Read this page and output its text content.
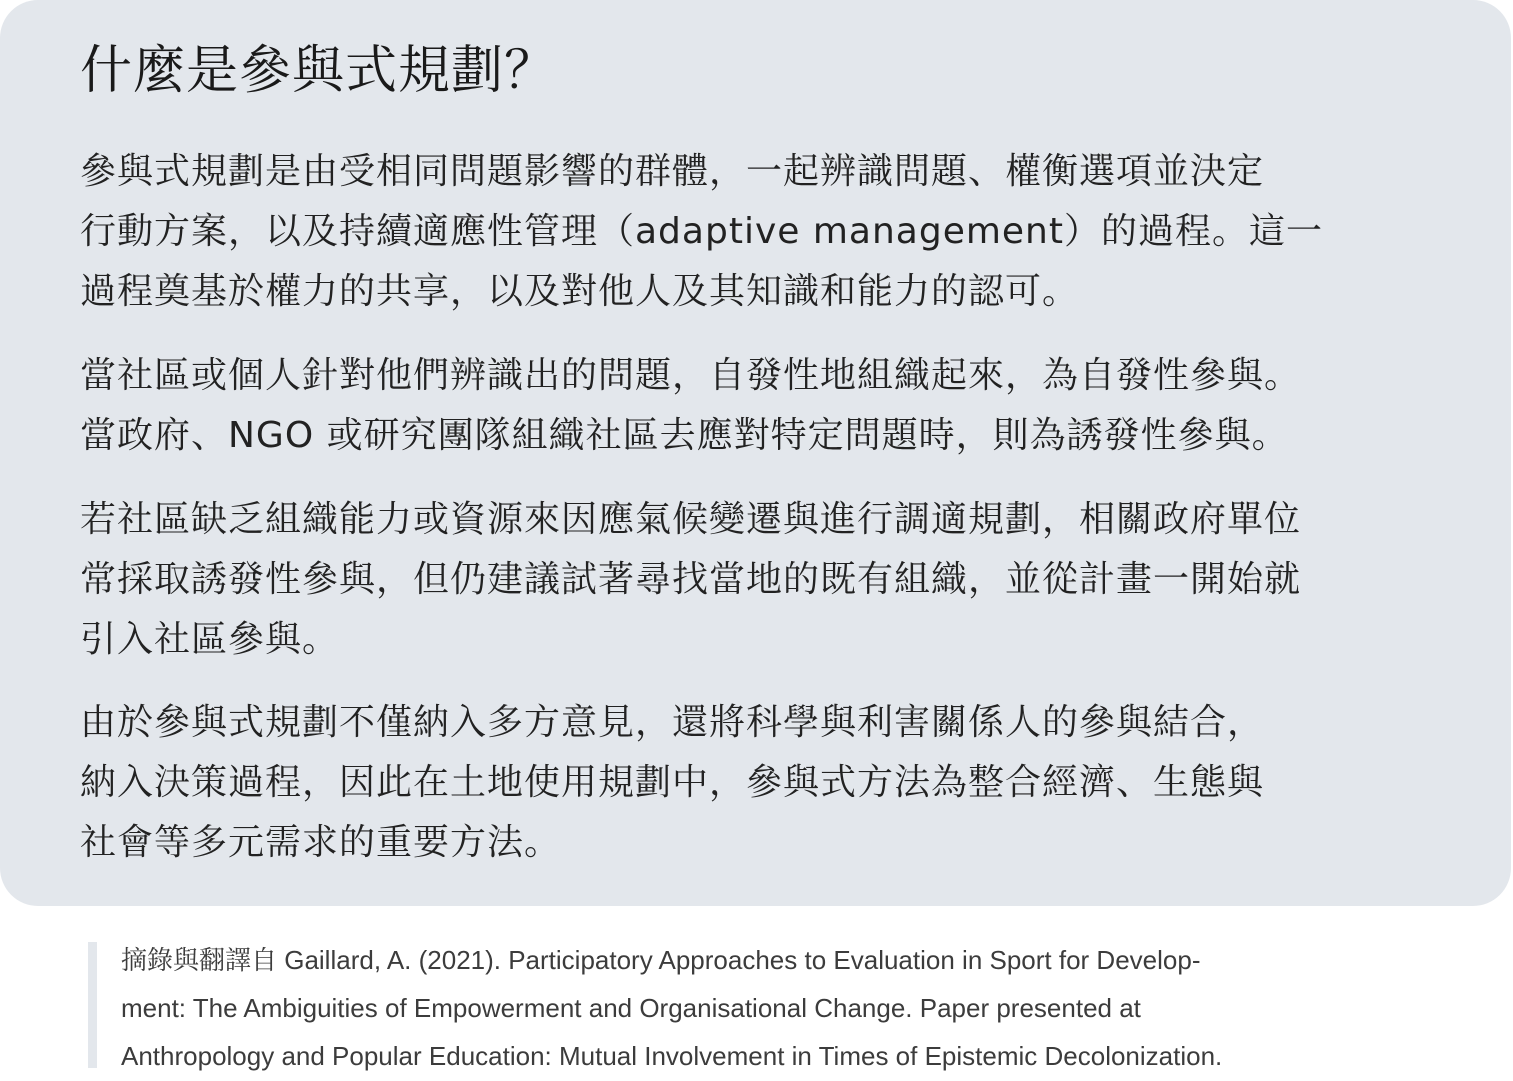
什麼是參與式規劃？

參與式規劃是由受相同問題影響的群體，一起辨識問題、權衡選項並決定
行動方案，以及持續適應性管理（adaptive management）的過程。這一
過程奠基於權力的共享，以及對他人及其知識和能力的認可。

當社區或個人針對他們辨識出的問題，自發性地組織起來，為自發性參與。
當政府、NGO 或研究團隊組織社區去應對特定問題時，則為誘發性參與。

若社區缺乏組織能力或資源來因應氣候變遷與進行調適規劃，相關政府單位
常採取誘發性參與，但仍建議試著尋找當地的既有組織，並從計畫一開始就
引入社區參與。

由於參與式規劃不僅納入多方意見，還將科學與利害關係人的參與結合，
納入決策過程，因此在土地使用規劃中，參與式方法為整合經濟、生態與
社會等多元需求的重要方法。

摘錄與翻譯自 Gaillard, A. (2021). Participatory Approaches to Evaluation in Sport for Develop-
ment: The Ambiguities of Empowerment and Organisational Change. Paper presented at
Anthropology and Popular Education: Mutual Involvement in Times of Epistemic Decolonization.
